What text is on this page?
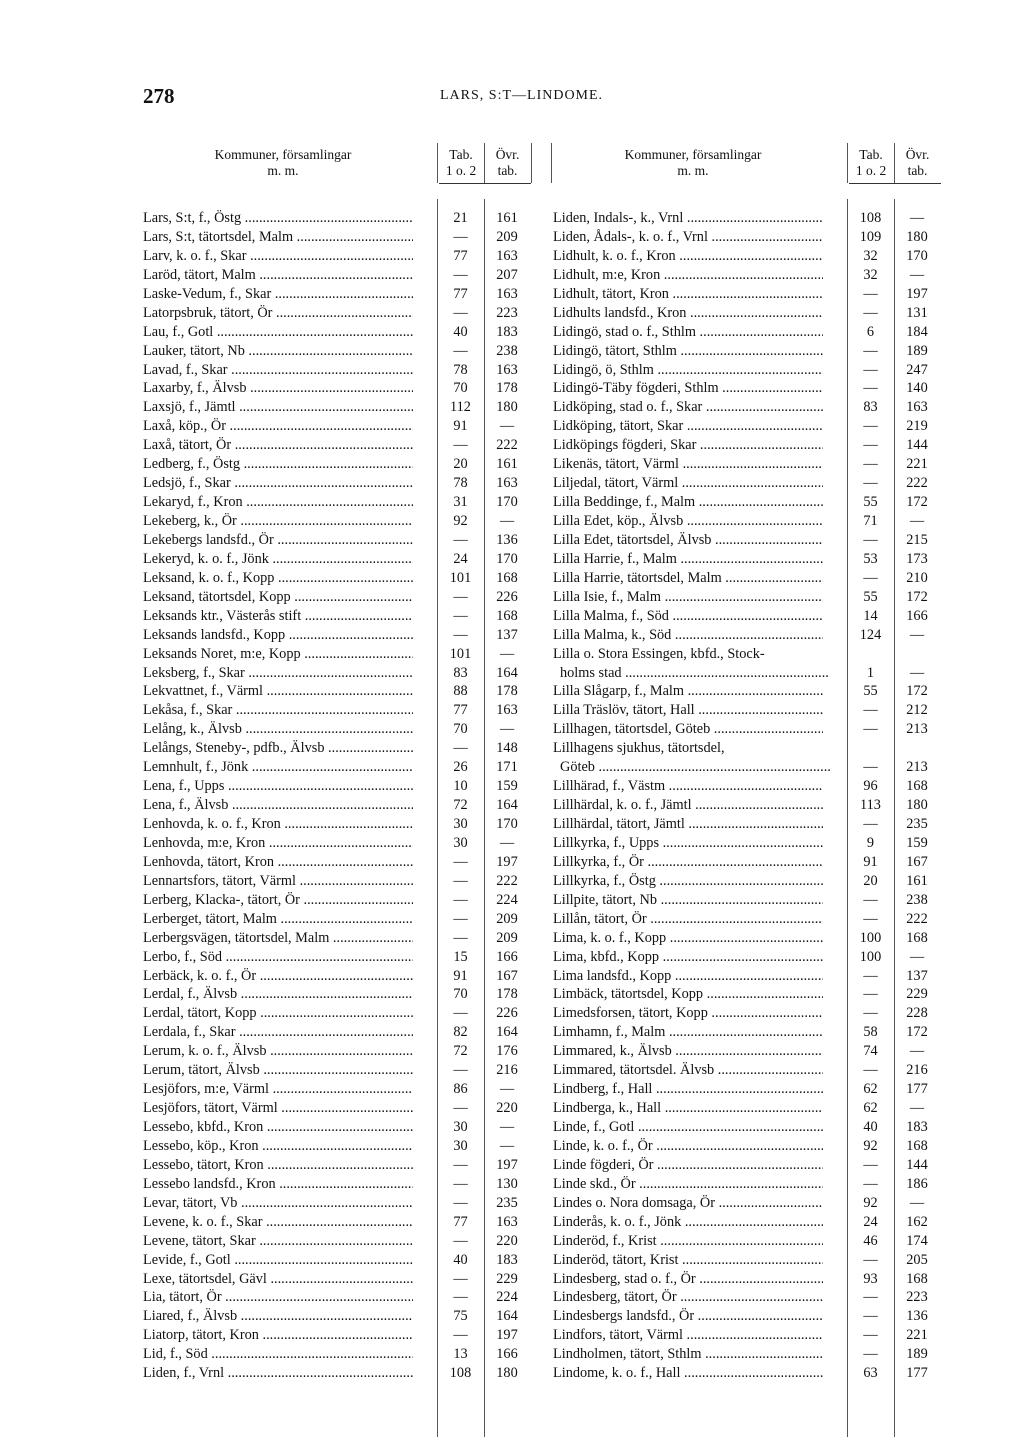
278	LARS, S:T—LINDOME.
Kommuner, församlingar
m. m.
Tab.
1 o. 2
Övr.
tab.
Lars, S:t, f., Östg .....	21	161
Lars, S:t, tätortsdel, Malm .....	—	209
Larv, k. o. f., Skar .....	77	163
Laröd, tätort, Malm .....	—	207
Laske-Vedum, f., Skar .....	77	163
Latorpsbruk, tätort, Ör .....	—	223
Lau, f., Gotl .....	40	183
Lauker, tätort, Nb .....	—	238
Lavad, f., Skar .....	78	163
Laxarby, f., Älvsb .....	70	178
Laxsjö, f., Jämtl .....	112	180
Laxå, köp., Ör .....	91	—
Laxå, tätort, Ör .....	—	222
Ledberg, f., Östg .....	20	161
Ledsjö, f., Skar .....	78	163
Lekaryd, f., Kron .....	31	170
Lekeberg, k., Ör .....	92	—
Lekebergs landsfd., Ör .....	—	136
Lekeryd, k. o. f., Jönk .....	24	170
Leksand, k. o. f., Kopp .....	101	168
Leksand, tätortsdel, Kopp .....	—	226
Leksands ktr., Västerås stift .....	—	168
Leksands landsfd., Kopp .....	—	137
Leksands Noret, m:e, Kopp .....	101	—
Leksberg, f., Skar .....	83	164
Lekvattnet, f., Värml .....	88	178
Lekåsa, f., Skar .....	77	163
Lelång, k., Älvsb .....	70	—
Lelångs, Steneby-, pdfb., Älvsb .....	—	148
Lemnhult, f., Jönk .....	26	171
Lena, f., Upps .....	10	159
Lena, f., Älvsb .....	72	164
Lenhovda, k. o. f., Kron .....	30	170
Lenhovda, m:e, Kron .....	30	—
Lenhovda, tätort, Kron .....	—	197
Lennartsfors, tätort, Värml .....	—	222
Lerberg, Klacka-, tätort, Ör .....	—	224
Lerberget, tätort, Malm .....	—	209
Lerbergsvägen, tätortsdel, Malm .....	—	209
Lerbo, f., Söd .....	15	166
Lerbäck, k. o. f., Ör .....	91	167
Lerdal, f., Älvsb .....	70	178
Lerdal, tätort, Kopp .....	—	226
Lerdala, f., Skar .....	82	164
Lerum, k. o. f., Älvsb .....	72	176
Lerum, tätort, Älvsb .....	—	216
Lesjöfors, m:e, Värml .....	86	—
Lesjöfors, tätort, Värml .....	—	220
Lessebo, kbfd., Kron .....	30	—
Lessebo, köp., Kron .....	30	—
Lessebo, tätort, Kron .....	—	197
Lessebo landsfd., Kron .....	—	130
Levar, tätort, Vb .....	—	235
Levene, k. o. f., Skar .....	77	163
Levene, tätort, Skar .....	—	220
Levide, f., Gotl .....	40	183
Lexe, tätortsdel, Gävl .....	—	229
Lia, tätort, Ör .....	—	224
Liared, f., Älvsb .....	75	164
Liatorp, tätort, Kron .....	—	197
Lid, f., Söd .....	13	166
Liden, f., Vrnl .....	108	180
Kommuner, församlingar
m. m.
Tab.
1 o. 2
Övr.
tab.
Liden, Indals-, k., Vrnl .....	108	—
Liden, Ådals-, k. o. f., Vrnl .....	109	180
Lidhult, k. o. f., Kron .....	32	170
Lidhult, m:e, Kron .....	32	—
Lidhult, tätort, Kron .....	—	197
Lidhults landsfd., Kron .....	—	131
Lidingö, stad o. f., Sthlm .....	6	184
Lidingö, tätort, Sthlm .....	—	189
Lidingö, ö, Sthlm .....	—	247
Lidingö-Täby fögderi, Sthlm .....	—	140
Lidköping, stad o. f., Skar .....	83	163
Lidköping, tätort, Skar .....	—	219
Lidköpings fögderi, Skar .....	—	144
Likenäs, tätort, Värml .....	—	221
Liljedal, tätort, Värml .....	—	222
Lilla Beddinge, f., Malm .....	55	172
Lilla Edet, köp., Älvsb .....	71	—
Lilla Edet, tätortsdel, Älvsb .....	—	215
Lilla Harrie, f., Malm .....	53	173
Lilla Harrie, tätortsdel, Malm .....	—	210
Lilla Isie, f., Malm .....	55	172
Lilla Malma, f., Söd .....	14	166
Lilla Malma, k., Söd .....	124	—
Lilla o. Stora Essingen, kbfd., Stock-
holms stad .....	1	—
Lilla Slågarp, f., Malm .....	55	172
Lilla Träslöv, tätort, Hall .....	—	212
Lillhagen, tätortsdel, Göteb .....	—	213
Lillhagens sjukhus, tätortsdel,
Göteb .....	—	213
Lillhärad, f., Västm .....	96	168
Lillhärdal, k. o. f., Jämtl .....	113	180
Lillhärdal, tätort, Jämtl .....	—	235
Lillkyrka, f., Upps .....	9	159
Lillkyrka, f., Ör .....	91	167
Lillkyrka, f., Östg .....	20	161
Lillpite, tätort, Nb .....	—	238
Lillån, tätort, Ör .....	—	222
Lima, k. o. f., Kopp .....	100	168
Lima, kbfd., Kopp .....	100	—
Lima landsfd., Kopp .....	—	137
Limbäck, tätortsdel, Kopp .....	—	229
Limedsforsen, tätort, Kopp .....	—	228
Limhamn, f., Malm .....	58	172
Limmared, k., Älvsb .....	74	—
Limmared, tätortsdel. Älvsb .....	—	216
Lindberg, f., Hall .....	62	177
Lindberga, k., Hall .....	62	—
Linde, f., Gotl .....	40	183
Linde, k. o. f., Ör .....	92	168
Linde fögderi, Ör .....	—	144
Linde skd., Ör .....	—	186
Lindes o. Nora domsaga, Ör .....	92	—
Linderås, k. o. f., Jönk .....	24	162
Linderöd, f., Krist .....	46	174
Linderöd, tätort, Krist .....	—	205
Lindesberg, stad o. f., Ör .....	93	168
Lindesberg, tätort, Ör .....	—	223
Lindesbergs landsfd., Ör .....	—	136
Lindfors, tätort, Värml .....	—	221
Lindholmen, tätort, Sthlm .....	—	189
Lindome, k. o. f., Hall .....	63	177
